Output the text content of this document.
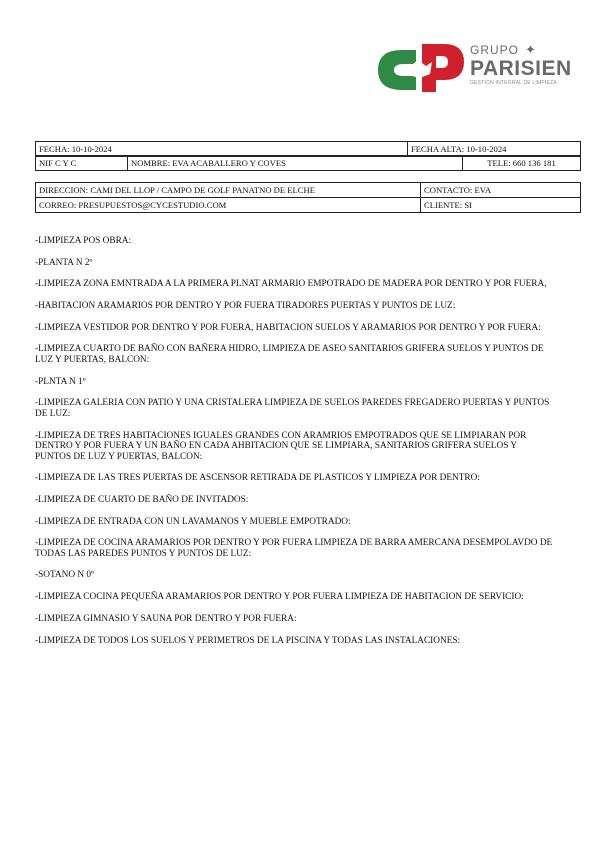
GRUPO ✦
PARISIEN
GESTION INTEGRAL DE LIMPIEZA
FECHA: 10-10-2024	FECHA ALTA: 10-10-2024
NIF C Y C	NOMBRE: EVA ACABALLERO Y COVES	TELE: 660 136 181
DIRECCION: CAMI DEL LLOP / CAMPO DE GOLF PANATNO DE ELCHE	CONTACTO: EVA
CORREO: PRESUPUESTOS@CYCESTUDIO.COM	CLIENTE: SI

-LIMPIEZA POS OBRA:

-PLANTA N 2º

-LIMPIEZA ZONA EMNTRADA A LA PRIMERA PLNAT ARMARIO EMPOTRADO DE MADERA POR DENTRO Y POR FUERA,

-HABITACION ARAMARIOS POR DENTRO Y POR FUERA TIRADORES PUERTAS Y PUNTOS DE LUZ:

-LIMPIEZA VESTIDOR POR DENTRO Y POR FUERA, HABITACION SUELOS Y ARAMARIOS POR DENTRO Y POR FUERA:

-LIMPIEZA CUARTO DE BAÑO CON BAÑERA HIDRO, LIMPIEZA DE ASEO SANITARIOS GRIFERA SUELOS Y PUNTOS DE LUZ Y PUERTAS, BALCON:

-PLNTA N 1º

-LIMPIEZA GALERIA CON PATIO Y UNA CRISTALERA LIMPIEZA DE SUELOS PAREDES FREGADERO PUERTAS Y PUNTOS DE LUZ:

-LIMPIEZA DE TRES HABITACIONES IGUALES GRANDES CON ARAMRIOS EMPOTRADOS QUE SE LIMPIARAN POR DENTRO Y POR FUERA Y UN BAÑO EN CADA AHBITACION QUE SE LIMPIARA, SANITARIOS GRIFERA SUELOS Y PUNTOS DE LUZ Y PUERTAS, BALCON:

-LIMPIEZA DE LAS TRES PUERTAS DE ASCENSOR RETIRADA DE PLASTICOS Y LIMPIEZA POR DENTRO:

-LIMPIEZA DE CUARTO DE BAÑO DE INVITADOS:

-LIMPIEZA DE ENTRADA CON UN LAVAMANOS Y MUEBLE EMPOTRADO:

-LIMPIEZA DE COCINA ARAMARIOS POR DENTRO Y POR FUERA LIMPIEZA DE BARRA AMERCANA DESEMPOLAVDO DE TODAS LAS PAREDES PUNTOS Y PUNTOS DE LUZ:

-SOTANO N 0º

-LIMPIEZA COCINA PEQUEÑA ARAMARIOS POR DENTRO Y POR FUERA LIMPIEZA DE HABITACION DE SERVICIO:

-LIMPIEZA GIMNASIO Y SAUNA POR DENTRO Y POR FUERA:

-LIMPIEZA DE TODOS LOS SUELOS Y PERIMETROS DE LA PISCINA Y TODAS LAS INSTALACIONES:
